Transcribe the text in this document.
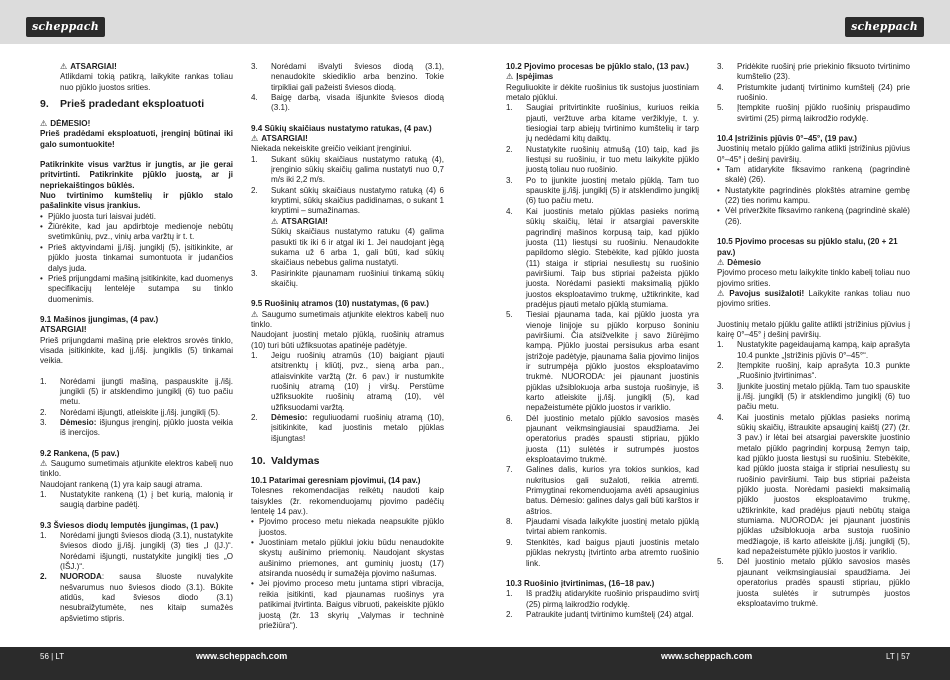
scheppach	scheppach

⚠ ATSARGIAI!

Atlikdami tokią patikrą, laikykite rankas toliau nuo pjūklo juostos srities.

9. Prieš pradedant eksploatuoti

⚠ DĖMESIO!

Prieš pradėdami eksploatuoti, įrenginį būtinai iki galo sumontuokite!

Patikrinkite visus varžtus ir jungtis, ar jie gerai pritvirtinti. Patikrinkite pjūklo juostą, ar ji nepriekaištingos būklės.

Nuo tvirtinimo kumštelių ir pjūklo stalo pašalinkite visus įrankius.

• Pjūklo juosta turi laisvai judėti.
• Žiūrėkite, kad jau apdirbtoje medienoje nebūtų svetimkūnių, pvz., vinių arba varžtų ir t. t.
• Prieš aktyvindami įj./išj. jungiklį (5), įsitikinkite, ar pjūklo juosta tinkamai sumontuota ir judančios dalys juda.
• Prieš prijungdami mašiną įsitikinkite, kad duomenys specifikacijų lentelėje sutampa su tinklo duomenimis.

9.1 Mašinos įjungimas, (4 pav.)

ATSARGIAI!

Prieš prijungdami mašiną prie elektros srovės tinklo, visada įsitikinkite, kad įj./išj. jungiklis (5) tinkamai veikia.

1.	Norėdami įjungti mašiną, paspauskite įj./išj. jungikli (5) ir atsklendimo jungiklį (6) tuo pačiu metu.
2.	Norėdami išjungti, atleiskite įj./išj. jungiklį (5).
3.	Dėmesio: išjungus įrenginį, pjūklo juosta veikia iš inercijos.

9.2 Rankena, (5 pav.)

⚠ Saugumo sumetimais atjunkite elektros kabelį nuo tinklo.

Naudojant rankeną (1) yra kaip saugi atrama.

1.	Nustatykite rankeną (1) į bet kurią, malonią ir saugią darbine padėtį.

9.3 Šviesos diodų lemputės įjungimas, (1 pav.)

1.	Norėdami įjungti šviesos diodą (3.1), nustatykite šviesos diodo įj./išj. jungiklį (3) ties „I (ĮJ.)“. Norėdami išjungti, nustatykite jungiklį ties „O (IŠJ.)“.
2.	NUORODA: sausa šluoste nuvalykite nešvarumus nuo šviesos diodo (3.1). Būkite atidūs, kad šviesos diodo (3.1) nesubraižytumėte, nes kitaip sumažės apšvietimo stipris.
3.	Norėdami išvalyti šviesos diodą (3.1), nenaudokite skiediklio arba benzino. Tokie tirpikliai gali pažeisti šviesos diodą.
4.	Baigę darbą, visada išjunkite šviesos diodą (3.1).

9.4 Sūkių skaičiaus nustatymo ratukas, (4 pav.)

⚠ ATSARGIAI!

Niekada nekeiskite greičio veikiant įrenginiui.

1.	Sukant sūkių skaičiaus nustatymo ratuką (4), įrenginio sūkių skaičių galima nustatyti nuo 0,7 m/s iki 2,2 m/s.
2.	Sukant sūkių skaičiaus nustatymo ratuką (4) 6 kryptimi, sūkių skaičius padidinamas, o sukant 1 kryptimi – sumažinamas.

⚠ ATSARGIAI!

Sūkių skaičiaus nustatymo ratuku (4) galima pasukti tik iki 6 ir atgal iki 1. Jei naudojant jėgą sukama už 6 arba 1, gali būti, kad sūkių skaičiaus nebebus galima nustatyti.

3.	Pasirinkite pjaunamam ruošiniui tinkamą sūkių skaičių.

9.5 Ruošinių atramos (10) nustatymas, (6 pav.)

⚠ Saugumo sumetimais atjunkite elektros kabelį nuo tinklo.

Naudojant juostinį metalo pjūklą, ruošinių atramus (10) turi būti užfiksuotas apatinėje padėtyje.

1.	Jeigu ruošinių atramūs (10) baigiant pjauti atsitrenktų į kliūtį, pvz., sieną arba pan., atlaisvinkite varžtą (žr. 6 pav.) ir nustumkite ruošinių atramą (10) į viršų. Perstūme užfiksuokite ruošinių atramą (10), vėl užfiksuodami varžtą.
2.	Dėmesio: reguliuodami ruošinių atramą (10), įsitikinkite, kad juostinis metalo pjūklas išjungtas!
10. Valdymas

10.1 Patarimai geresniam pjovimui, (14 pav.)

Tolesnes rekomendacijas reikėtų naudoti kaip taisykles (žr. rekomenduojamų pjovimo padėčių lentelę 14 pav.).

• Pjovimo proceso metu niekada neapsukite pjūklo juostos.
• Juostiniam metalo pjūklui jokiu būdu nenaudokite skystų aušinimo priemonių. Naudojant skystas aušinimo priemones, ant guminių juostų (17) atsiranda nuosėdų ir sumažėja pjovimo našumas.
• Jei pjovimo proceso metu juntama stipri vibracija, reikia įsitikinti, kad pjaunamas ruošinys yra patikimai įtvirtinta. Baigus vibruoti, pakeiskite pjūklo juostą (žr. 13 skyrių „Valymas ir techninė priežiūra“).

10.2 Pjovimo procesas be pjūklo stalo, (13 pav.)

⚠ Įspėjimas

Reguliuokite ir dėkite ruošinius tik sustojus juostiniam metalo pjūklui.

1.	Saugiai pritvirtinkite ruošinius, kuriuos reikia pjauti, veržtuve arba kitame veržiklyje, t. y. tiesiogiai tarp abiejų tvirtinimo kumštelių ir tarp jų nedėdami kitų daiktų.
2.	Nustatykite ruošinių atmušą (10) taip, kad jis liestųsi su ruošiniu, ir tuo metu laikykite pjūklo juostą toliau nuo ruošinio.
3.	Po to įjunkite juostinį metalo pjūklą. Tam tuo spauskite įj./išj. jungiklį (5) ir atsklendimo jungiklį (6) tuo pačiu metu.
4.	Kai juostinis metalo pjūklas pasieks norimą sūkių skaičių, lėtai ir atsargiai paverskite pagrindinį mašinos korpusą taip, kad pjūklo juosta (11) liestųsi su ruošiniu. Nenaudokite papildomo slėgio. Stebėkite, kad pjūklo juosta (11) staiga ir stipriai nesuliestų su ruošinio paviršiumi. Taip bus stipriai pažeista pjūklo juosta. Norėdami pasiekti maksimalią pjūklo juostos eksploatavimo trukmę, užtikrinkite, kad pradėjus pjauti metalo pjūklą stumiama.
5.	Tiesiai pjaunama tada, kai pjūklo juosta yra vienoje linijoje su pjūklo korpuso šoniniu paviršiumi. Čia atsižvelkite į savo žiūrėjimo kampą. Pjūklo juostai persisukus arba esant įstrižoje padėtyje, pjaunama šalia pjovimo linijos ir sutrumpėja pjūklo juostos eksploatavimo trukmė. NUORODA: jei pjaunant juostinis pjūklas užsiblokuoja arba sustoja ruošinyje, iš karto atleiskite įj./išj. jungiklį (5), kad nepažeistumėte pjūklo juostos ir variklio.
6.	Dėl juostinio metalo pjūklo savosios masės pjaunant veikmsingiausiai spaudžiama. Jei operatorius pradės spausti stipriau, pjūklo juosta (11) sulėtės ir sutrumpės juostos eksploatavimo trukmė.
7.	Galines dalis, kurios yra tokios sunkios, kad nukritusios gali sužaloti, reikia atremti. Primygtinai rekomenduojama avėti apsauginius batus. Dėmesio: galines dalys gali būti karštos ir aštrios.
8.	Pjaudami visada laikykite juostinį metalo pjūklą tvirtai abiem rankomis.
9.	Stenkitės, kad baigus pjauti juostinis metalo pjūklas nekrystų įtvirtinto arba atremto ruošinio link.

10.3 Ruošinio įtvirtinimas, (16–18 pav.)

1.	Iš pradžių atidarykite ruošinio prispaudimo svirtį (25) pirmą laikrodžio rodyklę.
2.	Patraukite judantį tvirtinimo kumštelį (24) atgal.
3.	Pridėkite ruošinį prie priekinio fiksuoto tvirtinimo kumštelio (23).
4.	Pristumkite judantį tvirtinimo kumštelį (24) prie ruošinio.
5.	Įtempkite ruošinį pjūklo ruošinių prispaudimo svirtimi (25) pirmą laikrodžio rodyklę.

10.4 Įstrižinis pjūvis 0°–45°, (19 pav.)

Juostinių metalo pjūklo galima atlikti įstrižinius pjūvius 0°–45° į dešinį paviršių.

• Tam atidarykite fiksavimo rankeną (pagrindinė skalė) (26).
• Nustatykite pagrindinės plokštės atramine gembę (22) ties norimu kampu.
• Vėl priveržkite fiksavimo rankeną (pagrindinė skalė) (26).

10.5 Pjovimo procesas su pjūklo stalu, (20 + 21 pav.)

⚠ Dėmesio

Pjovimo proceso metu laikykite tinklo kabelį toliau nuo pjovimo srities.

⚠ Pavojus susižaloti! Laikykite rankas toliau nuo pjovimo srities.

Juostinių metalo pjūklu galite atlikti įstrižinius pjūvius į kairę 0°–45° į dešinį paviršių.

1.	Nustatykite pageidaujamą kampą, kaip aprašyta 10.4 punkte „Įstrižinis pjūvis 0°–45°“.
2.	Įtempkite ruošinį, kaip aprašyta 10.3 punkte „Ruošinio įtvirtinimas“.
3.	Įjunkite juostinį metalo pjūklą. Tam tuo spauskite įj./išj. jungiklį (5) ir atsklendimo jungiklį (6) tuo pačiu metu.
4.	Kai juostinis metalo pjūklas pasieks norimą sūkių skaičių, ištraukite apsauginį kaištį (27) (žr. 3 pav.) ir lėtai bei atsargiai paverskite juostinio metalo pjūklo pagrindinį korpusą žemyn taip, kad pjūklo juosta liestųsi su ruošiniu. Stebėkite, kad pjūklo juosta staiga ir stipriai nesuliestų su ruošinio paviršiumi. Taip bus stipriai pažeista pjūklo juosta. Norėdami pasiekti maksimalią pjūklo juostos eksploatavimo trukmę, užtikrinkite, kad pradėjus pjauti nebūtų staiga stumiama. NUORODA: jei pjaunant juostinis pjūklas užsiblokuoja arba sustoja ruošinio medžiagoje, iš karto atleiskite įj./išj. jungiklį (5), kad nepažeistumėte pjūklo juostos ir variklio.
5.	Dėl juostinio metalo pjūklo savosios masės pjaunant veikmsingiausiai spaudžiama. Jei operatorius pradės spausti stipriau, pjūklo juosta sulėtės ir sutrumpės juostos eksploatavimo trukmė.
56 | LT	www.scheppach.com	www.scheppach.com	LT | 57
